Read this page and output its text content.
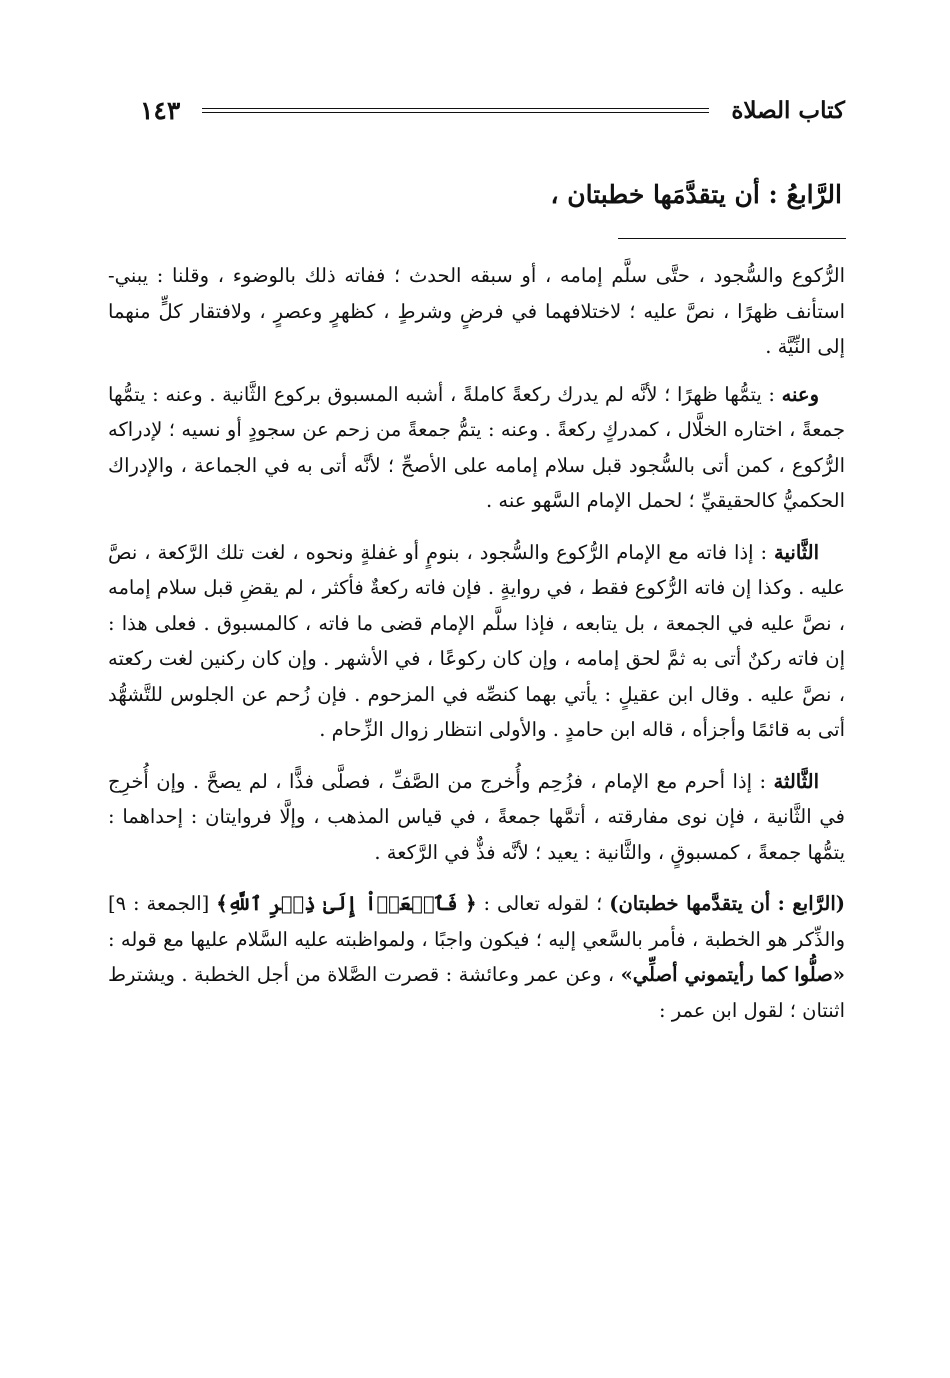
كتاب الصلاة
١٤٣
الرَّابعُ : أن يتقدَّمَها خطبتان ،

الرُّكوع والسُّجود ، حتَّى سلَّم إمامه ، أو سبقه الحدث ؛ ففاته ذلك بالوضوء ، وقلنا : يبني- استأنف ظهرًا ، نصَّ عليه ؛ لاختلافهما في فرضٍ وشرطٍ ، كظهرٍ وعصرٍ ، ولافتقار كلٍّ منهما إلى النِّيَّة .

وعنه : يتمُّها ظهرًا ؛ لأنَّه لم يدرك ركعةً كاملةً ، أشبه المسبوق بركوع الثَّانية . وعنه : يتمُّها جمعةً ، اختاره الخلَّال ، كمدركٍ ركعةً . وعنه : يتمُّ جمعةً من زحم عن سجودٍ أو نسيه ؛ لإدراكه الرُّكوع ، كمن أتى بالسُّجود قبل سلام إمامه على الأصحِّ ؛ لأنَّه أتى به في الجماعة ، والإدراك الحكميُّ كالحقيقيِّ ؛ لحمل الإمام السَّهو عنه .

الثَّانية : إذا فاته مع الإمام الرُّكوع والسُّجود ، بنومٍ أو غفلةٍ ونحوه ، لغت تلك الرَّكعة ، نصَّ عليه . وكذا إن فاته الرُّكوع فقط ، في روايةٍ . فإن فاته ركعةٌ فأكثر ، لم يقضِ قبل سلام إمامه ، نصَّ عليه في الجمعة ، بل يتابعه ، فإذا سلَّم الإمام قضى ما فاته ، كالمسبوق . فعلى هذا : إن فاته ركنٌ أتى به ثمَّ لحق إمامه ، وإن كان ركوعًا ، في الأشهر . وإن كان ركنين لغت ركعته ، نصَّ عليه . وقال ابن عقيلٍ : يأتي بهما كنصِّه في المزحوم . فإن زُحم عن الجلوس للتَّشهُّد أتى به قائمًا وأجزأه ، قاله ابن حامدٍ . والأولى انتظار زوال الزِّحام .

الثَّالثة : إذا أحرم مع الإمام ، فزُحِم وأُخرج من الصَّفِّ ، فصلَّى فذًّا ، لم يصحَّ . وإن أُخرِج في الثَّانية ، فإن نوى مفارقته ، أتمَّها جمعةً ، في قياس المذهب ، وإلَّا فروايتان : إحداهما : يتمُّها جمعةً ، كمسبوقٍ ، والثَّانية : يعيد ؛ لأنَّه فذٌّ في الرَّكعة .

(الرَّابع : أن يتقدَّمها خطبتان) ؛ لقوله تعالى : ﴿ فَٱسۡعَوۡاْ إِلَىٰ ذِكۡرِ ٱللَّهِ﴾ [الجمعة : ٩] والذِّكر هو الخطبة ، فأمر بالسَّعي إليه ؛ فيكون واجبًا ، ولمواظبته عليه السَّلام عليها مع قوله : «صلُّوا كما رأيتموني أصلِّي» ، وعن عمر وعائشة : قصرت الصَّلاة من أجل الخطبة . ويشترط اثنتان ؛ لقول ابن عمر :
